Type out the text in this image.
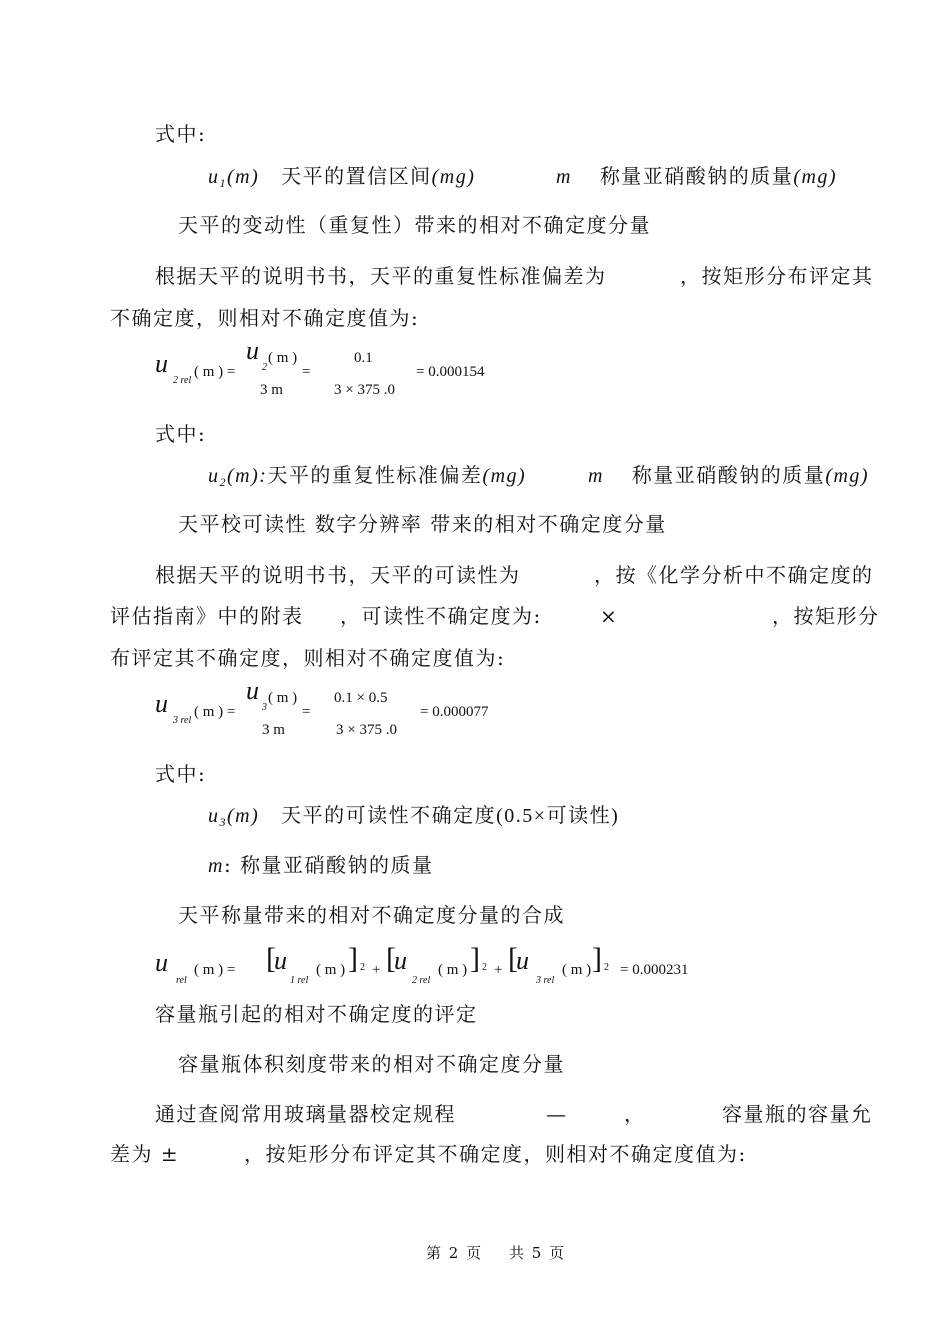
式中:
$u_1(m)$ 天平的置信区间(mg)	m 称量亚硝酸钠的质量(mg)
天平的变动性（重复性）带来的相对不确定度分量
根据天平的说明书书，天平的重复性标准偏差为	，按矩形分布评定其
不确定度，则相对不确定度值为:
u
2 rel
( m ) =
u
2
( m )
3 m
=
0.1
3 × 375 .0
= 0.000154
式中:
$u_2(m)$:天平的重复性标准偏差(mg)	m 称量亚硝酸钠的质量(mg)
天平校可读性 数字分辨率 带来的相对不确定度分量
根据天平的说明书书，天平的可读性为	，按《化学分析中不确定度的
评估指南》中的附表 ，可读性不确定度为:	×	，按矩形分
布评定其不确定度，则相对不确定度值为:
u
3 rel
( m ) =
u
3
( m )
3 m
=
0.1 × 0.5
3 × 375 .0
= 0.000077
式中:
$u_3(m)$ 天平的可读性不确定度(0.5×可读性)
m: 称量亚硝酸钠的质量
天平称量带来的相对不确定度分量的合成
u
rel
( m ) = [
u
1 rel
( m ) ] 2 + [
u
2 rel
( m ) ] 2 + [
u
3 rel
( m ) ] 2 = 0.000231
容量瓶引起的相对不确定度的评定
容量瓶体积刻度带来的相对不确定度分量
通过查阅常用玻璃量器校定规程	—	，	容量瓶的容量允
差为 ±	，按矩形分布评定其不确定度，则相对不确定度值为:
第 2 页 共 5 页
